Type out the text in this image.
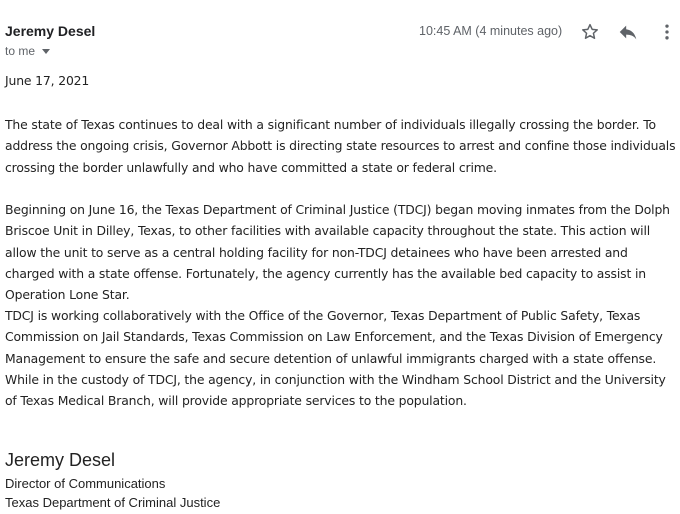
Jeremy Desel
to me
10:45 AM (4 minutes ago)
June 17, 2021

The state of Texas continues to deal with a significant number of individuals illegally crossing the border. To address the ongoing crisis, Governor Abbott is directing state resources to arrest and confine those individuals crossing the border unlawfully and who have committed a state or federal crime.

Beginning on June 16, the Texas Department of Criminal Justice (TDCJ) began moving inmates from the Dolph Briscoe Unit in Dilley, Texas, to other facilities with available capacity throughout the state. This action will allow the unit to serve as a central holding facility for non-TDCJ detainees who have been arrested and charged with a state offense. Fortunately, the agency currently has the available bed capacity to assist in Operation Lone Star.

TDCJ is working collaboratively with the Office of the Governor, Texas Department of Public Safety, Texas Commission on Jail Standards, Texas Commission on Law Enforcement, and the Texas Division of Emergency Management to ensure the safe and secure detention of unlawful immigrants charged with a state offense. While in the custody of TDCJ, the agency, in conjunction with the Windham School District and the University of Texas Medical Branch, will provide appropriate services to the population.

Jeremy Desel
Director of Communications
Texas Department of Criminal Justice
